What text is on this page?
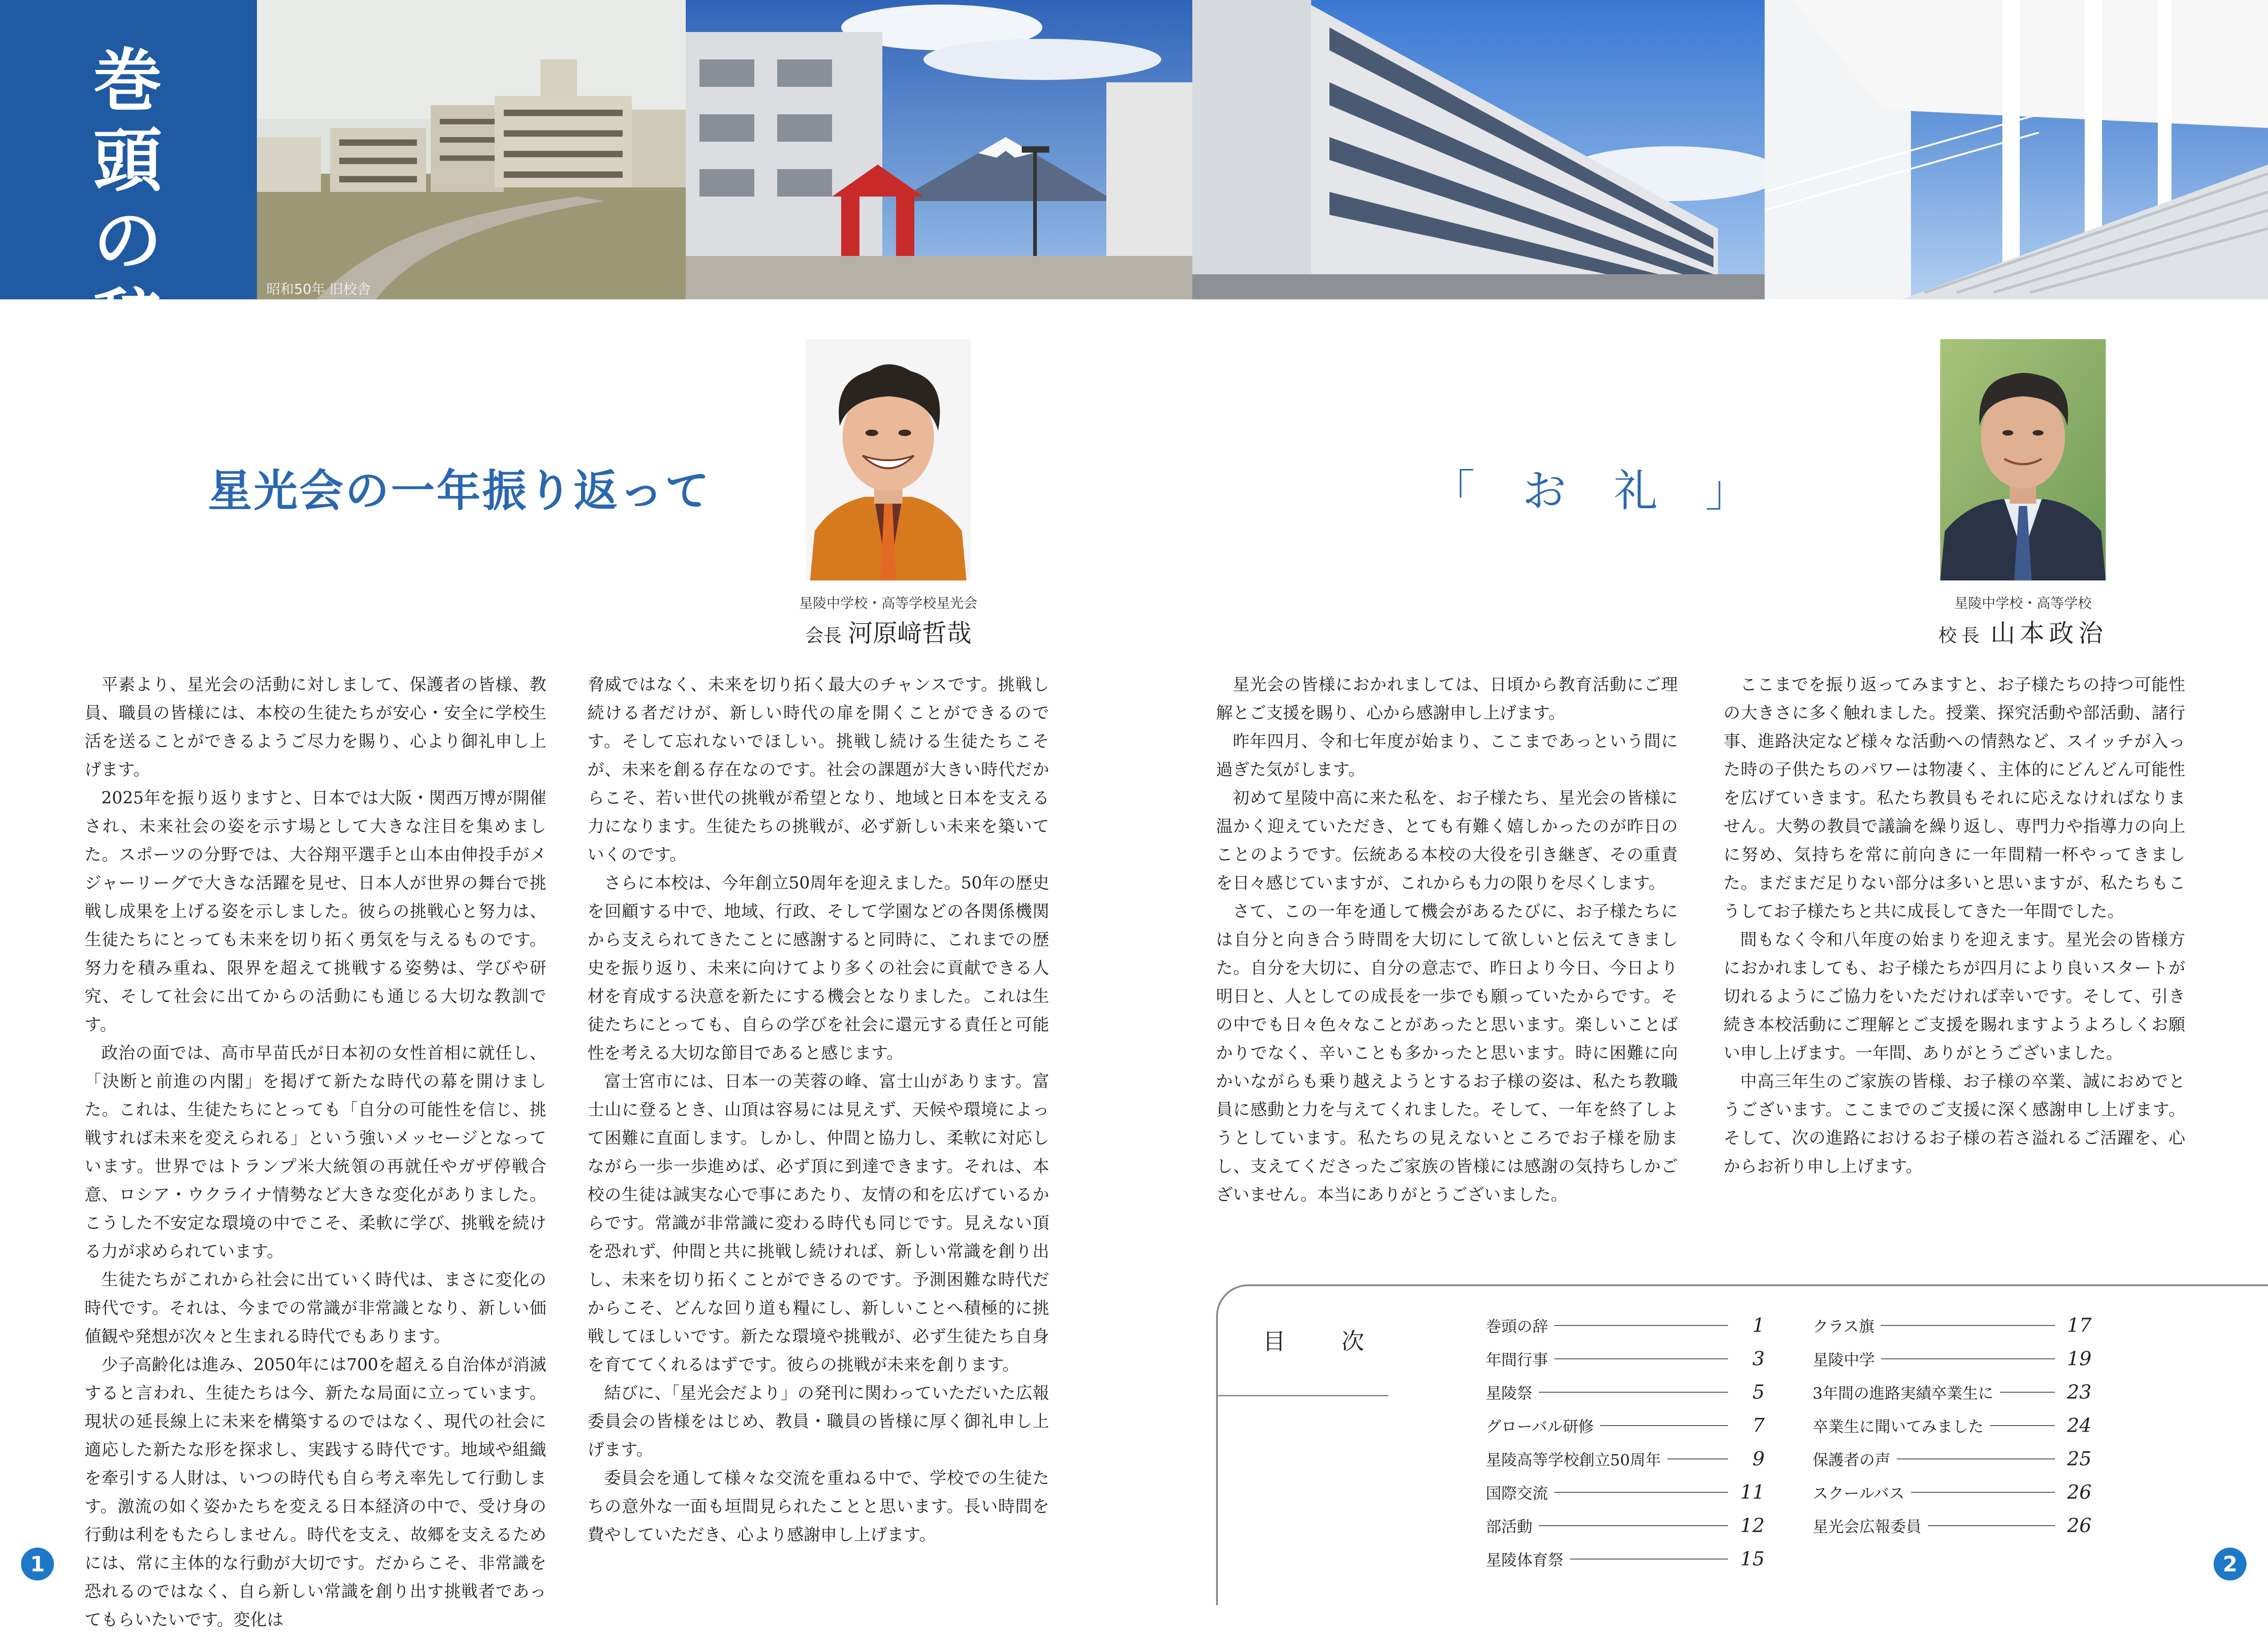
巻
頭
の
辞	昭和50年 旧校舎
星光会の一年振り返って
星陵中学校・高等学校星光会
会長 河原﨑哲哉

平素より、星光会の活動に対しまして、保護者の皆様、教員、職員の皆様には、本校の生徒たちが安心・安全に学校生活を送ることができるようご尽力を賜り、心より御礼申し上げます。

2025年を振り返りますと、日本では大阪・関西万博が開催され、未来社会の姿を示す場として大きな注目を集めました。スポーツの分野では、大谷翔平選手と山本由伸投手がメジャーリーグで大きな活躍を見せ、日本人が世界の舞台で挑戦し成果を上げる姿を示しました。彼らの挑戦心と努力は、生徒たちにとっても未来を切り拓く勇気を与えるものです。努力を積み重ね、限界を超えて挑戦する姿勢は、学びや研究、そして社会に出てからの活動にも通じる大切な教訓です。

政治の面では、高市早苗氏が日本初の女性首相に就任し、「決断と前進の内閣」を掲げて新たな時代の幕を開けました。これは、生徒たちにとっても「自分の可能性を信じ、挑戦すれば未来を変えられる」という強いメッセージとなっています。世界ではトランプ米大統領の再就任やガザ停戦合意、ロシア・ウクライナ情勢など大きな変化がありました。こうした不安定な環境の中でこそ、柔軟に学び、挑戦を続ける力が求められています。

生徒たちがこれから社会に出ていく時代は、まさに変化の時代です。それは、今までの常識が非常識となり、新しい価値観や発想が次々と生まれる時代でもあります。

少子高齢化は進み、2050年には700を超える自治体が消滅すると言われ、生徒たちは今、新たな局面に立っています。現状の延長線上に未来を構築するのではなく、現代の社会に適応した新たな形を探求し、実践する時代です。地域や組織を牽引する人財は、いつの時代も自ら考え率先して行動します。激流の如く姿かたちを変える日本経済の中で、受け身の行動は利をもたらしません。時代を支え、故郷を支えるためには、常に主体的な行動が大切です。だからこそ、非常識を恐れるのではなく、自ら新しい常識を創り出す挑戦者であってもらいたいです。変化は

脅威ではなく、未来を切り拓く最大のチャンスです。挑戦し続ける者だけが、新しい時代の扉を開くことができるのです。そして忘れないでほしい。挑戦し続ける生徒たちこそが、未来を創る存在なのです。社会の課題が大きい時代だからこそ、若い世代の挑戦が希望となり、地域と日本を支える力になります。生徒たちの挑戦が、必ず新しい未来を築いていくのです。

さらに本校は、今年創立50周年を迎えました。50年の歴史を回顧する中で、地域、行政、そして学園などの各関係機関から支えられてきたことに感謝すると同時に、これまでの歴史を振り返り、未来に向けてより多くの社会に貢献できる人材を育成する決意を新たにする機会となりました。これは生徒たちにとっても、自らの学びを社会に還元する責任と可能性を考える大切な節目であると感じます。

富士宮市には、日本一の芙蓉の峰、富士山があります。富士山に登るとき、山頂は容易には見えず、天候や環境によって困難に直面します。しかし、仲間と協力し、柔軟に対応しながら一歩一歩進めば、必ず頂に到達できます。それは、本校の生徒は誠実な心で事にあたり、友情の和を広げているからです。常識が非常識に変わる時代も同じです。見えない頂を恐れず、仲間と共に挑戦し続ければ、新しい常識を創り出し、未来を切り拓くことができるのです。予測困難な時代だからこそ、どんな回り道も糧にし、新しいことへ積極的に挑戦してほしいです。新たな環境や挑戦が、必ず生徒たち自身を育ててくれるはずです。彼らの挑戦が未来を創ります。

結びに、「星光会だより」の発刊に関わっていただいた広報委員会の皆様をはじめ、教員・職員の皆様に厚く御礼申し上げます。

委員会を通して様々な交流を重ねる中で、学校での生徒たちの意外な一面も垣間見られたことと思います。長い時間を費やしていただき、心より感謝申し上げます。

1
「　お　礼　」
星陵中学校・高等学校
校長 山本政治

星光会の皆様におかれましては、日頃から教育活動にご理解とご支援を賜り、心から感謝申し上げます。

昨年四月、令和七年度が始まり、ここまであっという間に過ぎた気がします。

初めて星陵中高に来た私を、お子様たち、星光会の皆様に温かく迎えていただき、とても有難く嬉しかったのが昨日のことのようです。伝統ある本校の大役を引き継ぎ、その重責を日々感じていますが、これからも力の限りを尽くします。

さて、この一年を通して機会があるたびに、お子様たちには自分と向き合う時間を大切にして欲しいと伝えてきました。自分を大切に、自分の意志で、昨日より今日、今日より明日と、人としての成長を一歩でも願っていたからです。その中でも日々色々なことがあったと思います。楽しいことばかりでなく、辛いことも多かったと思います。時に困難に向かいながらも乗り越えようとするお子様の姿は、私たち教職員に感動と力を与えてくれました。そして、一年を終了しようとしています。私たちの見えないところでお子様を励まし、支えてくださったご家族の皆様には感謝の気持ちしかございません。本当にありがとうございました。

ここまでを振り返ってみますと、お子様たちの持つ可能性の大きさに多く触れました。授業、探究活動や部活動、諸行事、進路決定など様々な活動への情熱など、スイッチが入った時の子供たちのパワーは物凄く、主体的にどんどん可能性を広げていきます。私たち教員もそれに応えなければなりません。大勢の教員で議論を繰り返し、専門力や指導力の向上に努め、気持ちを常に前向きに一年間精一杯やってきました。まだまだ足りない部分は多いと思いますが、私たちもこうしてお子様たちと共に成長してきた一年間でした。

間もなく令和八年度の始まりを迎えます。星光会の皆様方におかれましても、お子様たちが四月により良いスタートが切れるようにご協力をいただければ幸いです。そして、引き続き本校活動にご理解とご支援を賜れますようよろしくお願い申し上げます。一年間、ありがとうございました。

中高三年生のご家族の皆様、お子様の卒業、誠におめでとうございます。ここまでのご支援に深く感謝申し上げます。そして、次の進路におけるお子様の若さ溢れるご活躍を、心からお祈り申し上げます。

目　次
巻頭の辞	1
年間行事	3
星陵祭	5
グローバル研修	7
星陵高等学校創立50周年	9
国際交流	11
部活動	12
星陵体育祭	15
クラス旗	17
星陵中学	19
3年間の進路実績卒業生に	23
卒業生に聞いてみました	24
保護者の声	25
スクールバス	26
星光会広報委員	26
2
